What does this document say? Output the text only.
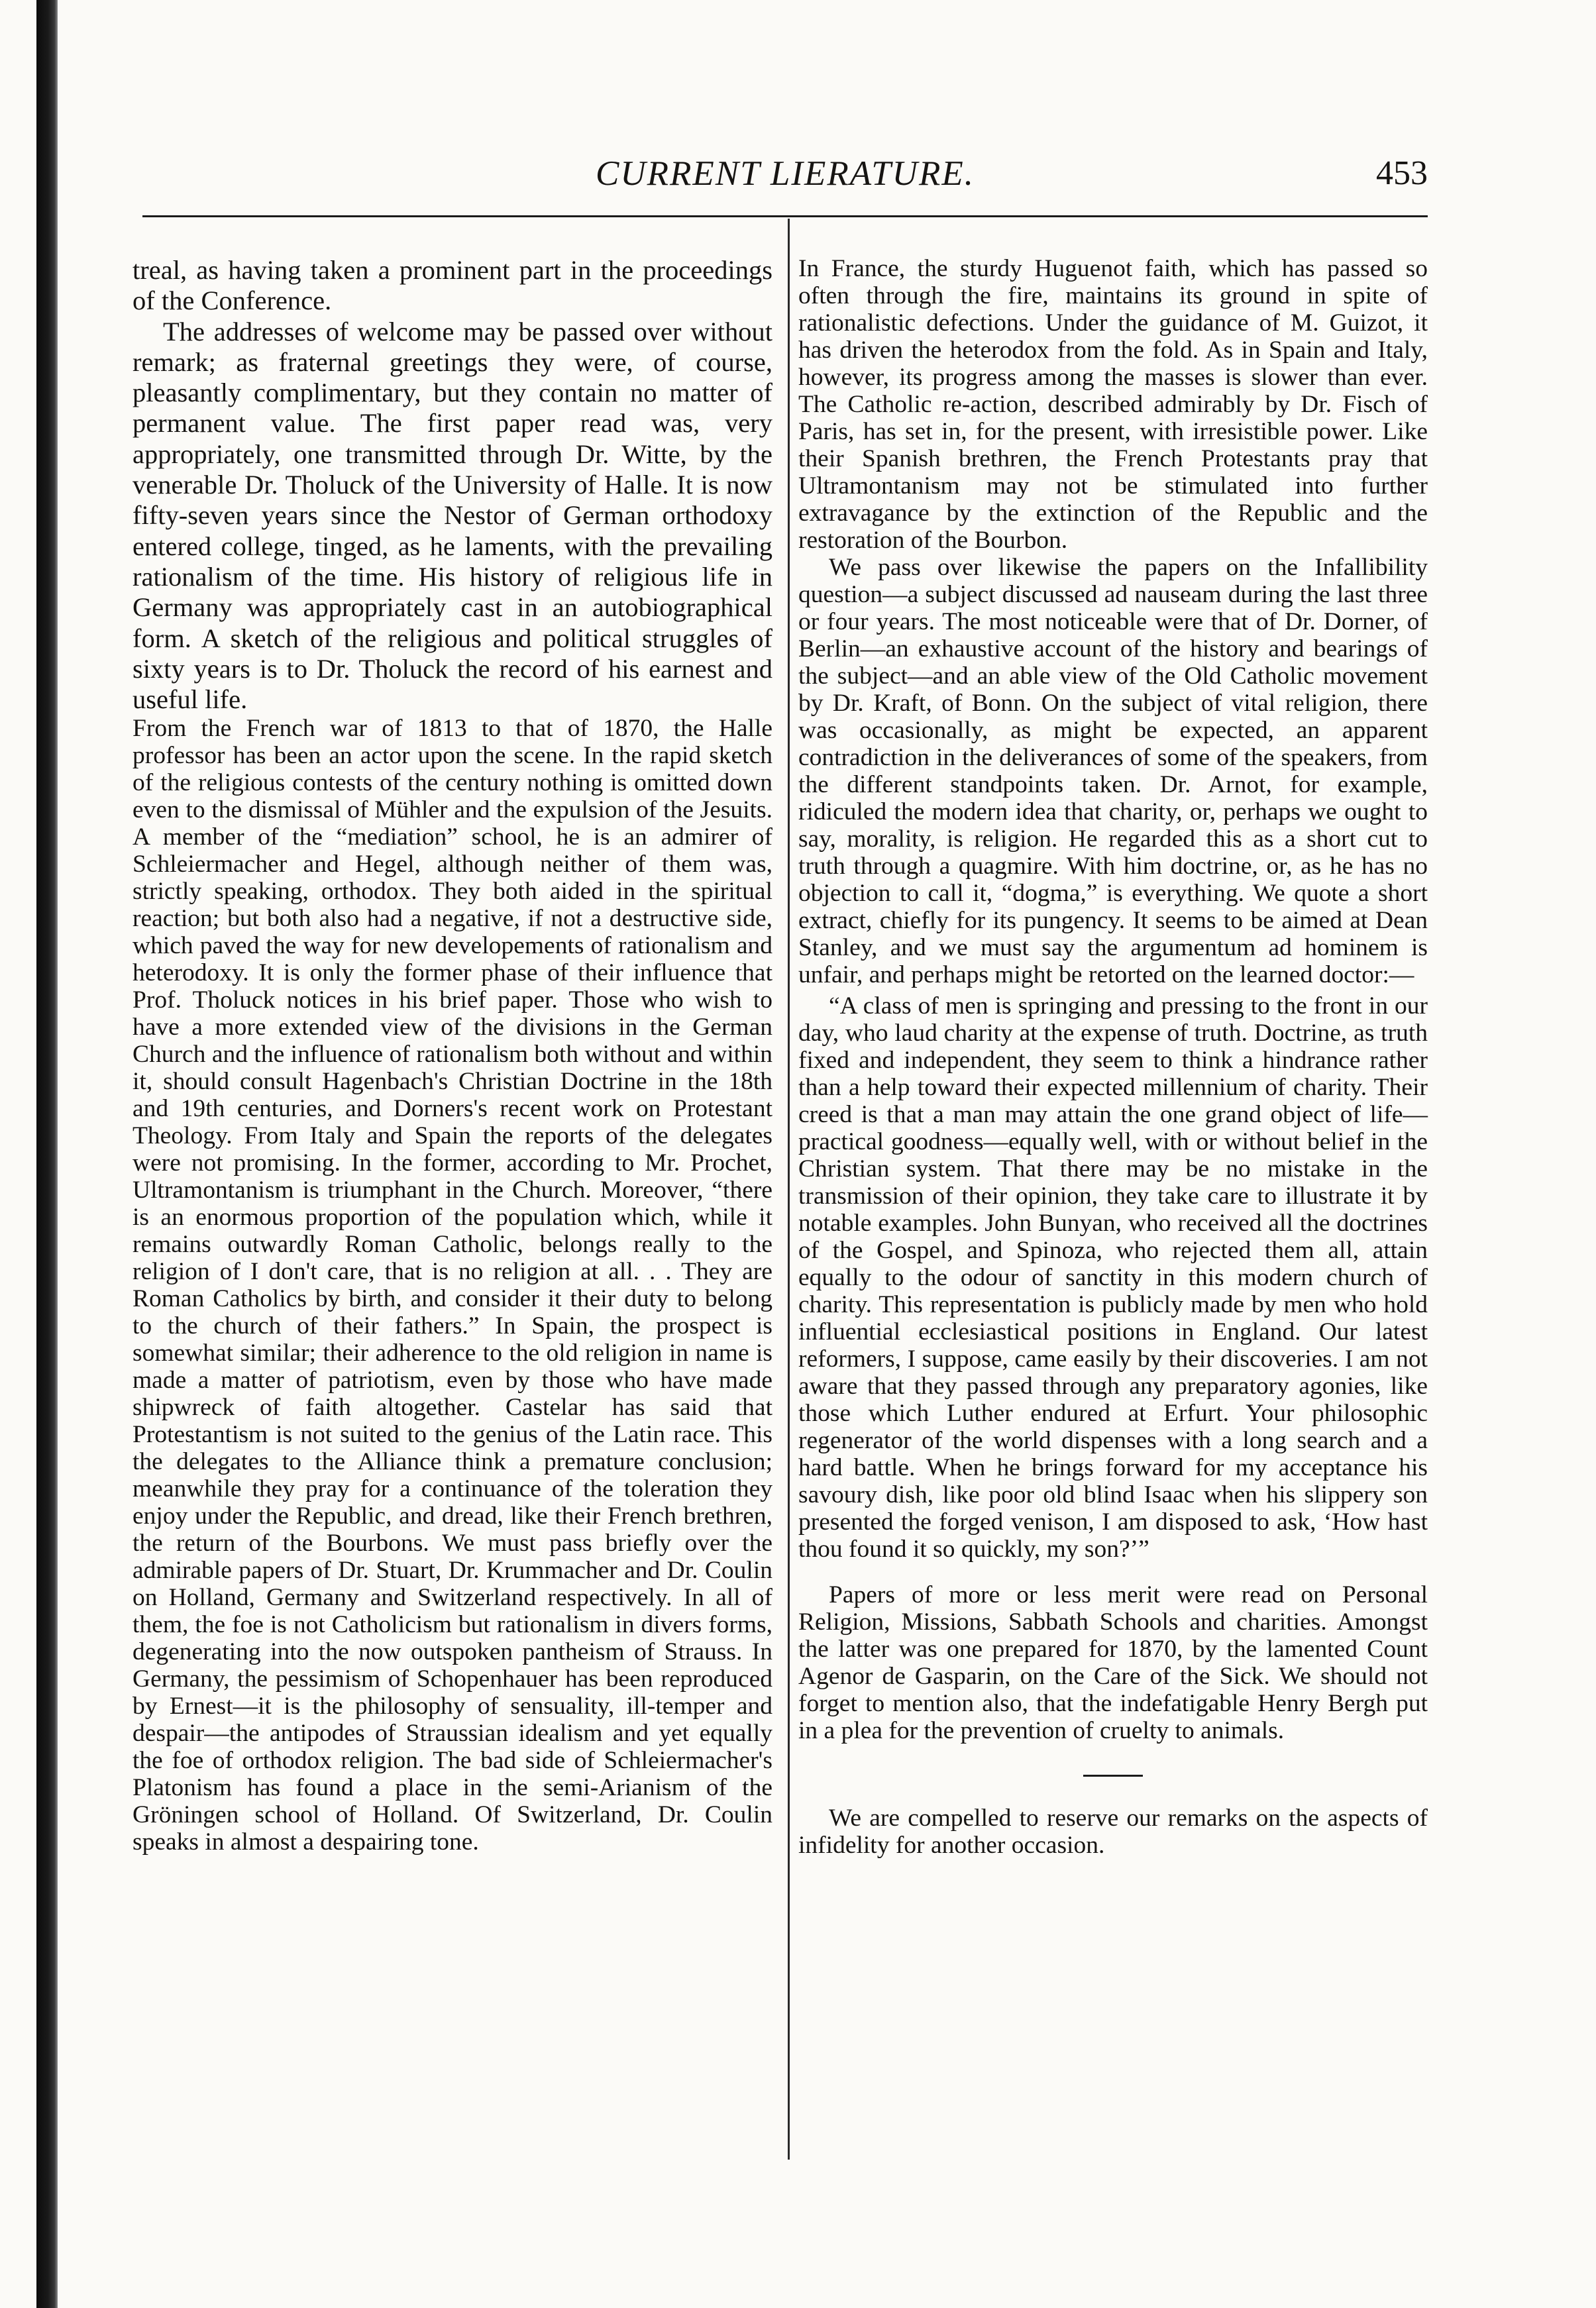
CURRENT LIERATURE.	453

treal, as having taken a prominent part in the proceedings of the Conference.

The addresses of welcome may be passed over without remark; as fraternal greetings they were, of course, pleasantly complimentary, but they contain no matter of permanent value. The first paper read was, very appropriately, one transmitted through Dr. Witte, by the venerable Dr. Tholuck of the University of Halle. It is now fifty-seven years since the Nestor of German orthodoxy entered college, tinged, as he laments, with the prevailing rationalism of the time. His history of religious life in Germany was appropriately cast in an autobiographical form. A sketch of the religious and political struggles of sixty years is to Dr. Tholuck the record of his earnest and useful life.

From the French war of 1813 to that of 1870, the Halle professor has been an actor upon the scene. In the rapid sketch of the religious contests of the century nothing is omitted down even to the dismissal of Mühler and the expulsion of the Jesuits. A member of the “mediation” school, he is an admirer of Schleiermacher and Hegel, although neither of them was, strictly speaking, orthodox. They both aided in the spiritual reaction; but both also had a negative, if not a destructive side, which paved the way for new developements of rationalism and heterodoxy. It is only the former phase of their influence that Prof. Tholuck notices in his brief paper. Those who wish to have a more extended view of the divisions in the German Church and the influence of rationalism both without and within it, should consult Hagenbach's Christian Doctrine in the 18th and 19th centuries, and Dorners's recent work on Protestant Theology. From Italy and Spain the reports of the delegates were not promising. In the former, according to Mr. Prochet, Ultramontanism is triumphant in the Church. Moreover, “there is an enormous proportion of the population which, while it remains outwardly Roman Catholic, belongs really to the religion of I don't care, that is no religion at all. . . They are Roman Catholics by birth, and consider it their duty to belong to the church of their fathers.” In Spain, the prospect is somewhat similar; their adherence to the old religion in name is made a matter of patriotism, even by those who have made shipwreck of faith altogether. Castelar has said that Protestantism is not suited to the genius of the Latin race. This the delegates to the Alliance think a premature conclusion; meanwhile they pray for a continuance of the toleration they enjoy under the Republic, and dread, like their French brethren, the return of the Bourbons. We must pass briefly over the admirable papers of Dr. Stuart, Dr. Krummacher and Dr. Coulin on Holland, Germany and Switzerland respectively. In all of them, the foe is not Catholicism but rationalism in divers forms, degenerating into the now outspoken pantheism of Strauss. In Germany, the pessimism of Schopenhauer has been reproduced by Ernest—it is the philosophy of sensuality, ill-temper and despair—the antipodes of Straussian idealism and yet equally the foe of orthodox religion. The bad side of Schleiermacher's Platonism has found a place in the semi-Arianism of the Gröningen school of Holland. Of Switzerland, Dr. Coulin speaks in almost a despairing tone.

In France, the sturdy Huguenot faith, which has passed so often through the fire, maintains its ground in spite of rationalistic defections. Under the guidance of M. Guizot, it has driven the heterodox from the fold. As in Spain and Italy, however, its progress among the masses is slower than ever. The Catholic re-action, described admirably by Dr. Fisch of Paris, has set in, for the present, with irresistible power. Like their Spanish brethren, the French Protestants pray that Ultramontanism may not be stimulated into further extravagance by the extinction of the Republic and the restoration of the Bourbon.

We pass over likewise the papers on the Infallibility question—a subject discussed ad nauseam during the last three or four years. The most noticeable were that of Dr. Dorner, of Berlin—an exhaustive account of the history and bearings of the subject—and an able view of the Old Catholic movement by Dr. Kraft, of Bonn. On the subject of vital religion, there was occasionally, as might be expected, an apparent contradiction in the deliverances of some of the speakers, from the different standpoints taken. Dr. Arnot, for example, ridiculed the modern idea that charity, or, perhaps we ought to say, morality, is religion. He regarded this as a short cut to truth through a quagmire. With him doctrine, or, as he has no objection to call it, “dogma,” is everything. We quote a short extract, chiefly for its pungency. It seems to be aimed at Dean Stanley, and we must say the argumentum ad hominem is unfair, and perhaps might be retorted on the learned doctor:—

“A class of men is springing and pressing to the front in our day, who laud charity at the expense of truth. Doctrine, as truth fixed and independent, they seem to think a hindrance rather than a help toward their expected millennium of charity. Their creed is that a man may attain the one grand object of life—practical goodness—equally well, with or without belief in the Christian system. That there may be no mistake in the transmission of their opinion, they take care to illustrate it by notable examples. John Bunyan, who received all the doctrines of the Gospel, and Spinoza, who rejected them all, attain equally to the odour of sanctity in this modern church of charity. This representation is publicly made by men who hold influential ecclesiastical positions in England. Our latest reformers, I suppose, came easily by their discoveries. I am not aware that they passed through any preparatory agonies, like those which Luther endured at Erfurt. Your philosophic regenerator of the world dispenses with a long search and a hard battle. When he brings forward for my acceptance his savoury dish, like poor old blind Isaac when his slippery son presented the forged venison, I am disposed to ask, ‘How hast thou found it so quickly, my son?’”

Papers of more or less merit were read on Personal Religion, Missions, Sabbath Schools and charities. Amongst the latter was one prepared for 1870, by the lamented Count Agenor de Gasparin, on the Care of the Sick. We should not forget to mention also, that the indefatigable Henry Bergh put in a plea for the prevention of cruelty to animals.

We are compelled to reserve our remarks on the aspects of infidelity for another occasion.
